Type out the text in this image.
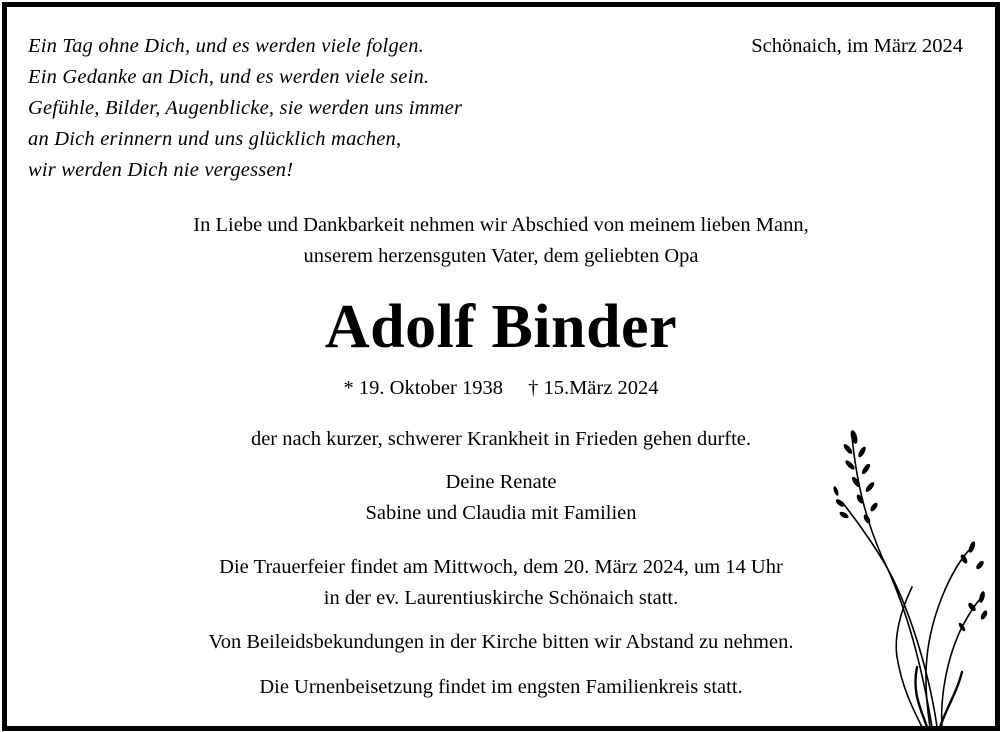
Ein Tag ohne Dich, und es werden viele folgen.
Ein Gedanke an Dich, und es werden viele sein.
Gefühle, Bilder, Augenblicke, sie werden uns immer
an Dich erinnern und uns glücklich machen,
wir werden Dich nie vergessen!
Schönaich, im März 2024
In Liebe und Dankbarkeit nehmen wir Abschied von meinem lieben Mann,
unserem herzensguten Vater, dem geliebten Opa
Adolf Binder
* 19. Oktober 1938 † 15.März 2024
der nach kurzer, schwerer Krankheit in Frieden gehen durfte.
Deine Renate
Sabine und Claudia mit Familien
Die Trauerfeier findet am Mittwoch, dem 20. März 2024, um 14 Uhr
in der ev. Laurentiuskirche Schönaich statt.
Von Beileidsbekundungen in der Kirche bitten wir Abstand zu nehmen.
Die Urnenbeisetzung findet im engsten Familienkreis statt.
